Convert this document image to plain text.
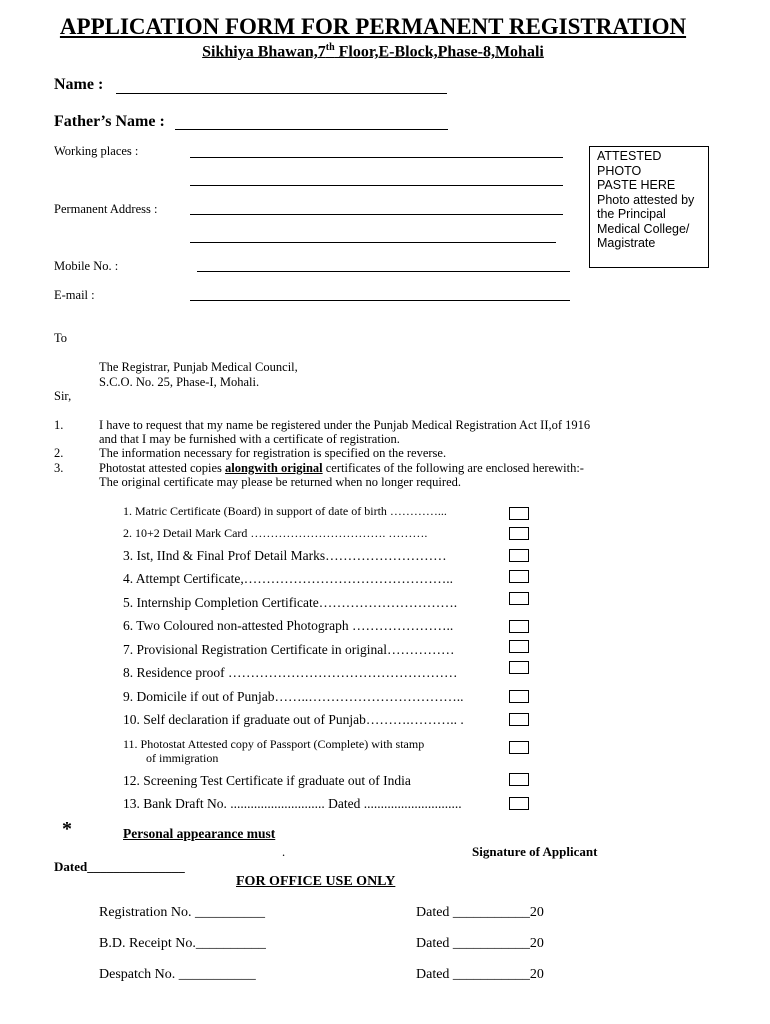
APPLICATION FORM FOR PERMANENT REGISTRATION
Sikhiya Bhawan,7th Floor,E-Block,Phase-8,Mohali
Name :
Father’s Name :
Working places :
Permanent Address :
Mobile No. :
E-mail :
ATTESTED
PHOTO
PASTE HERE
Photo attested by
the Principal
Medical College/
Magistrate
To
The Registrar, Punjab Medical Council,
S.C.O. No. 25, Phase-I, Mohali.
Sir,
1.	I have to request that my name be registered under the Punjab Medical Registration Act II,of 1916
and that I may be furnished with a certificate of registration.
2.	The information necessary for registration is specified on the reverse.
3.	Photostat attested copies alongwith original certificates of the following are enclosed herewith:-
The original certificate may please be returned when no longer required.
1. Matric Certificate (Board) in support of date of birth …………...
2. 10+2 Detail Mark Card ……………………………. ……….
3. Ist, IInd & Final Prof Detail Marks………………………
4. Attempt Certificate,………………………………………..
5. Internship Completion Certificate………………………….
6. Two Coloured non-attested Photograph …………………..
7. Provisional Registration Certificate in original……………
8. Residence proof ……………………………………………
9. Domicile if out of Punjab……..……………………………..
10. Self declaration if graduate out of Punjab……….……….. .
11. Photostat Attested copy of Passport (Complete) with stamp
of immigration
12. Screening Test Certificate if graduate out of India
13. Bank Draft No. ............................ Dated .............................
*	Personal appearance must
.	Signature of Applicant
Dated_______________
FOR OFFICE USE ONLY
Registration No. __________	Dated ___________20
B.D. Receipt No.__________	Dated ___________20
Despatch No. ___________	Dated ___________20
